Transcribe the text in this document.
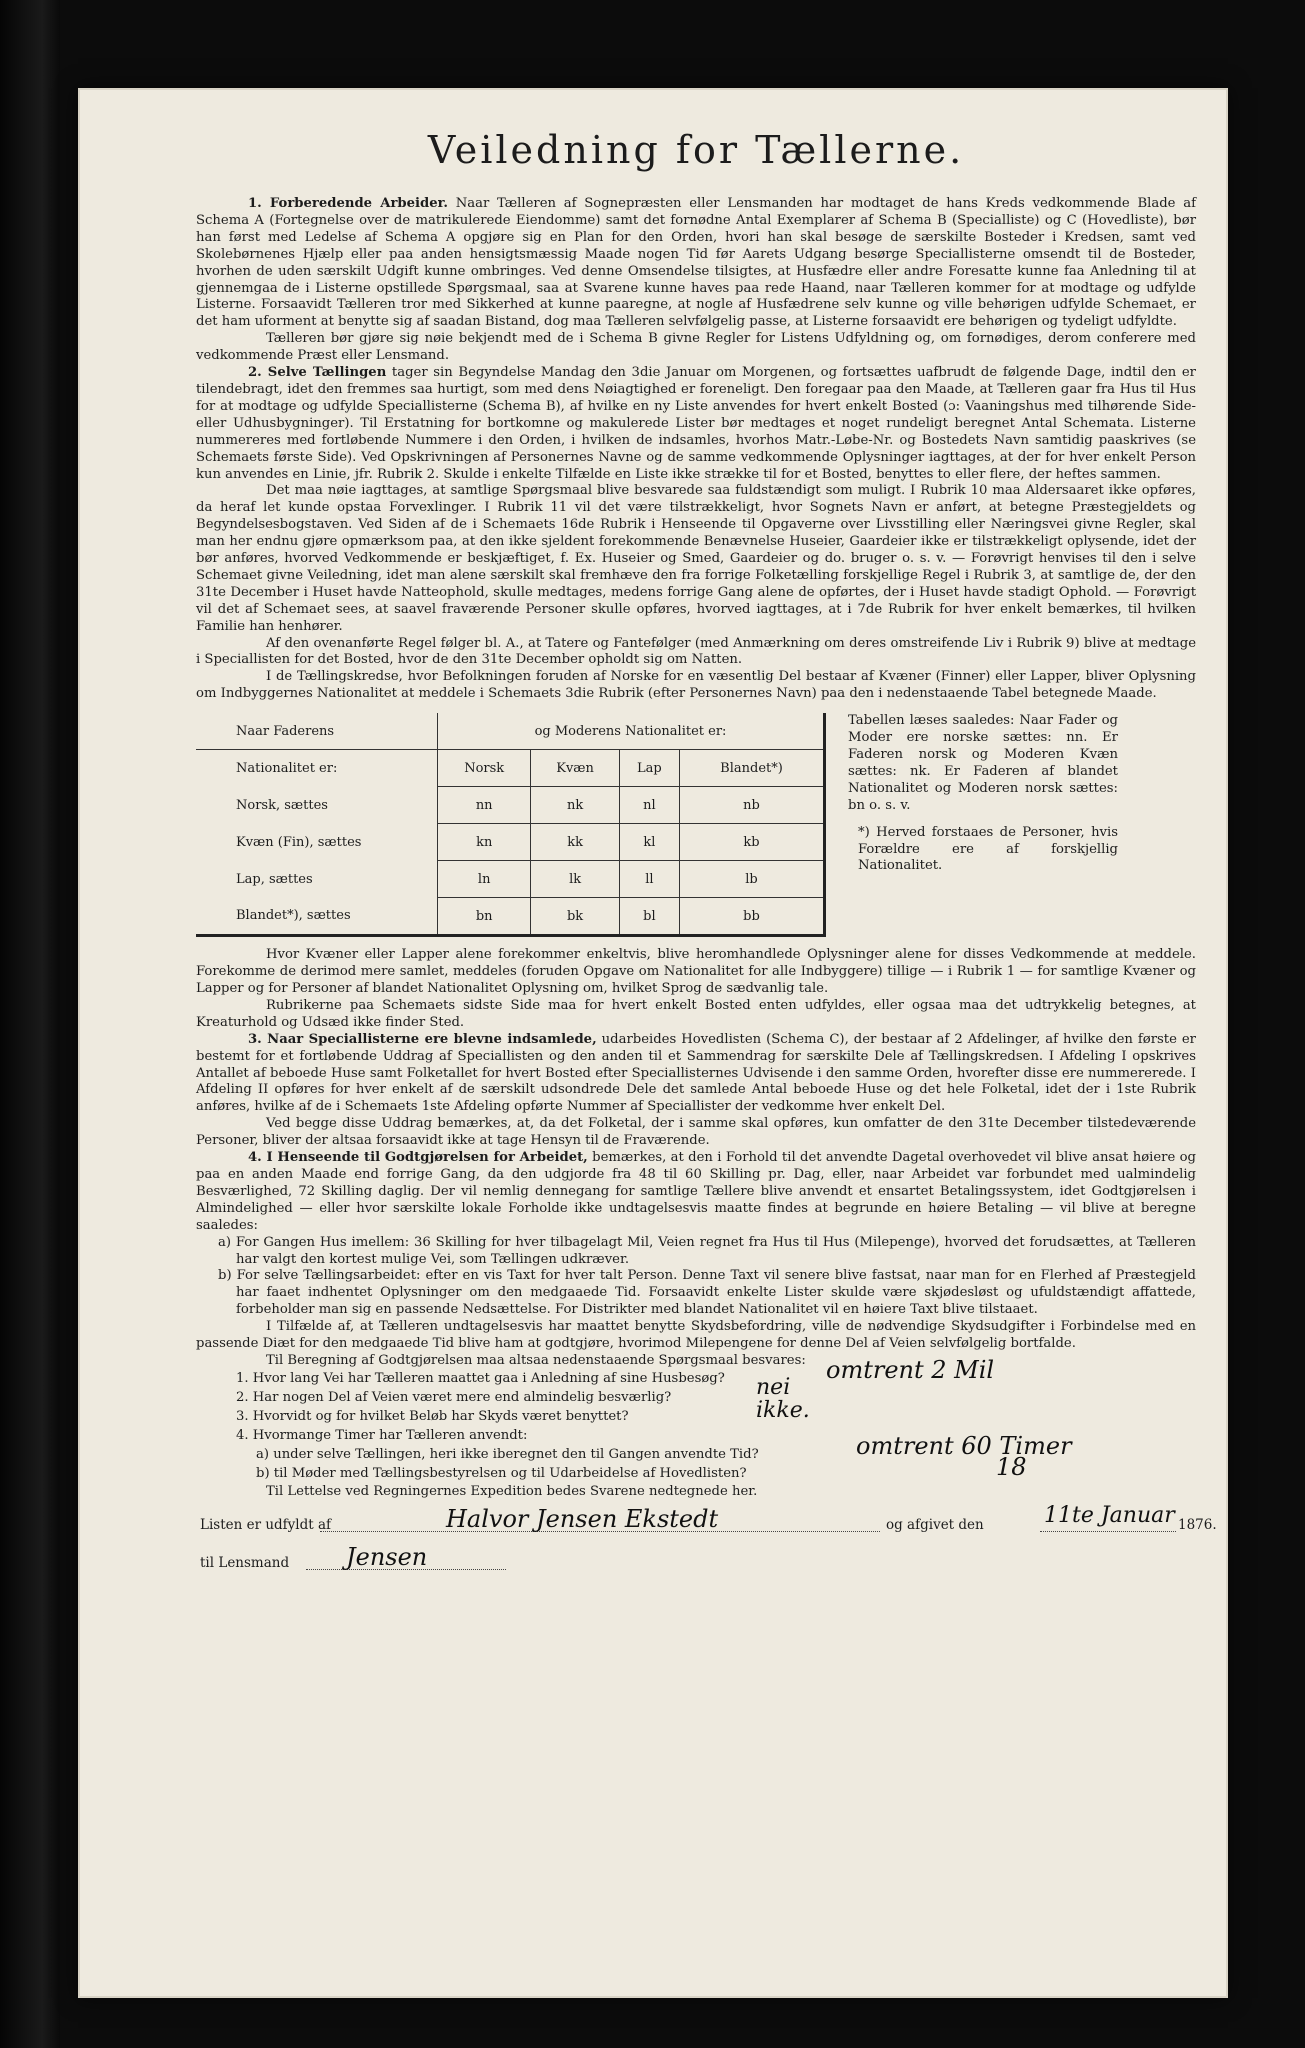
Veiledning for Tællerne.

1. Forberedende Arbeider. Naar Tælleren af Sognepræsten eller Lensmanden har modtaget de hans Kreds vedkommende Blade af Schema A (Fortegnelse over de matrikulerede Eiendomme) samt det fornødne Antal Exemplarer af Schema B (Specialliste) og C (Hovedliste), bør han først med Ledelse af Schema A opgjøre sig en Plan for den Orden, hvori han skal besøge de særskilte Bosteder i Kredsen, samt ved Skolebørnenes Hjælp eller paa anden hensigtsmæssig Maade nogen Tid før Aarets Udgang besørge Speciallisterne omsendt til de Bosteder, hvorhen de uden særskilt Udgift kunne ombringes. Ved denne Omsendelse tilsigtes, at Husfædre eller andre Foresatte kunne faa Anledning til at gjennemgaa de i Listerne opstillede Spørgsmaal, saa at Svarene kunne haves paa rede Haand, naar Tælleren kommer for at modtage og udfylde Listerne. Forsaavidt Tælleren tror med Sikkerhed at kunne paaregne, at nogle af Husfædrene selv kunne og ville behørigen udfylde Schemaet, er det ham uforment at benytte sig af saadan Bistand, dog maa Tælleren selvfølgelig passe, at Listerne forsaavidt ere behørigen og tydeligt udfyldte.

Tælleren bør gjøre sig nøie bekjendt med de i Schema B givne Regler for Listens Udfyldning og, om fornødiges, derom conferere med vedkommende Præst eller Lensmand.

2. Selve Tællingen tager sin Begyndelse Mandag den 3die Januar om Morgenen, og fortsættes uafbrudt de følgende Dage, indtil den er tilendebragt, idet den fremmes saa hurtigt, som med dens Nøiagtighed er foreneligt. Den foregaar paa den Maade, at Tælleren gaar fra Hus til Hus for at modtage og udfylde Speciallisterne (Schema B), af hvilke en ny Liste anvendes for hvert enkelt Bosted (ɔ: Vaaningshus med tilhørende Side- eller Udhusbygninger). Til Erstatning for bortkomne og makulerede Lister bør medtages et noget rundeligt beregnet Antal Schemata. Listerne nummereres med fortløbende Nummere i den Orden, i hvilken de indsamles, hvorhos Matr.-Løbe-Nr. og Bostedets Navn samtidig paaskrives (se Schemaets første Side). Ved Opskrivningen af Personernes Navne og de samme vedkommende Oplysninger iagttages, at der for hver enkelt Person kun anvendes en Linie, jfr. Rubrik 2. Skulde i enkelte Tilfælde en Liste ikke strække til for et Bosted, benyttes to eller flere, der heftes sammen.

Det maa nøie iagttages, at samtlige Spørgsmaal blive besvarede saa fuldstændigt som muligt. I Rubrik 10 maa Aldersaaret ikke opføres, da heraf let kunde opstaa Forvexlinger. I Rubrik 11 vil det være tilstrækkeligt, hvor Sognets Navn er anført, at betegne Præstegjeldets og Begyndelsesbogstaven. Ved Siden af de i Schemaets 16de Rubrik i Henseende til Opgaverne over Livsstilling eller Næringsvei givne Regler, skal man her endnu gjøre opmærksom paa, at den ikke sjeldent forekommende Benævnelse Huseier, Gaardeier ikke er tilstrækkeligt oplysende, idet der bør anføres, hvorved Vedkommende er beskjæftiget, f. Ex. Huseier og Smed, Gaardeier og do. bruger o. s. v. — Forøvrigt henvises til den i selve Schemaet givne Veiledning, idet man alene særskilt skal fremhæve den fra forrige Folketælling forskjellige Regel i Rubrik 3, at samtlige de, der den 31te December i Huset havde Natteophold, skulle medtages, medens forrige Gang alene de opførtes, der i Huset havde stadigt Ophold. — Forøvrigt vil det af Schemaet sees, at saavel fraværende Personer skulle opføres, hvorved iagttages, at i 7de Rubrik for hver enkelt bemærkes, til hvilken Familie han henhører.

Af den ovenanførte Regel følger bl. A., at Tatere og Fantefølger (med Anmærkning om deres omstreifende Liv i Rubrik 9) blive at medtage i Speciallisten for det Bosted, hvor de den 31te December opholdt sig om Natten.

I de Tællingskredse, hvor Befolkningen foruden af Norske for en væsentlig Del bestaar af Kvæner (Finner) eller Lapper, bliver Oplysning om Indbyggernes Nationalitet at meddele i Schemaets 3die Rubrik (efter Personernes Navn) paa den i nedenstaaende Tabel betegnede Maade.

Naar Faderens	og Moderens Nationalitet er:			
Nationalitet er:	Norsk	Kvæn	Lap	Blandet*)
Norsk, sættes	nn	nk	nl	nb
Kvæn (Fin), sættes	kn	kk	kl	kb
Lap, sættes	ln	lk	ll	lb
Blandet*), sættes	bn	bk	bl	bb

Tabellen læses saaledes: Naar Fader og Moder ere norske sættes: nn. Er Faderen norsk og Moderen Kvæn sættes: nk. Er Faderen af blandet Nationalitet og Moderen norsk sættes: bn o. s. v.

*) Herved forstaaes de Personer, hvis Forældre ere af forskjellig Nationalitet.

Hvor Kvæner eller Lapper alene forekommer enkeltvis, blive heromhandlede Oplysninger alene for disses Vedkommende at meddele. Forekomme de derimod mere samlet, meddeles (foruden Opgave om Nationalitet for alle Indbyggere) tillige — i Rubrik 1 — for samtlige Kvæner og Lapper og for Personer af blandet Nationalitet Oplysning om, hvilket Sprog de sædvanlig tale.

Rubrikerne paa Schemaets sidste Side maa for hvert enkelt Bosted enten udfyldes, eller ogsaa maa det udtrykkelig betegnes, at Kreaturhold og Udsæd ikke finder Sted.

3. Naar Speciallisterne ere blevne indsamlede, udarbeides Hovedlisten (Schema C), der bestaar af 2 Afdelinger, af hvilke den første er bestemt for et fortløbende Uddrag af Speciallisten og den anden til et Sammendrag for særskilte Dele af Tællingskredsen. I Afdeling I opskrives Antallet af beboede Huse samt Folketallet for hvert Bosted efter Speciallisternes Udvisende i den samme Orden, hvorefter disse ere nummererede. I Afdeling II opføres for hver enkelt af de særskilt udsondrede Dele det samlede Antal beboede Huse og det hele Folketal, idet der i 1ste Rubrik anføres, hvilke af de i Schemaets 1ste Afdeling opførte Nummer af Speciallister der vedkomme hver enkelt Del.

Ved begge disse Uddrag bemærkes, at, da det Folketal, der i samme skal opføres, kun omfatter de den 31te December tilstedeværende Personer, bliver der altsaa forsaavidt ikke at tage Hensyn til de Fraværende.

4. I Henseende til Godtgjørelsen for Arbeidet, bemærkes, at den i Forhold til det anvendte Dagetal overhovedet vil blive ansat høiere og paa en anden Maade end forrige Gang, da den udgjorde fra 48 til 60 Skilling pr. Dag, eller, naar Arbeidet var forbundet med ualmindelig Besværlighed, 72 Skilling daglig. Der vil nemlig dennegang for samtlige Tællere blive anvendt et ensartet Betalingssystem, idet Godtgjørelsen i Almindelighed — eller hvor særskilte lokale Forholde ikke undtagelsesvis maatte findes at begrunde en høiere Betaling — vil blive at beregne saaledes:

a) For Gangen Hus imellem: 36 Skilling for hver tilbagelagt Mil, Veien regnet fra Hus til Hus (Milepenge), hvorved det forudsættes, at Tælleren har valgt den kortest mulige Vei, som Tællingen udkræver.

b) For selve Tællingsarbeidet: efter en vis Taxt for hver talt Person. Denne Taxt vil senere blive fastsat, naar man for en Flerhed af Præstegjeld har faaet indhentet Oplysninger om den medgaaede Tid. Forsaavidt enkelte Lister skulde være skjødesløst og ufuldstændigt affattede, forbeholder man sig en passende Nedsættelse. For Distrikter med blandet Nationalitet vil en høiere Taxt blive tilstaaet.

I Tilfælde af, at Tælleren undtagelsesvis har maattet benytte Skydsbefordring, ville de nødvendige Skydsudgifter i Forbindelse med en passende Diæt for den medgaaede Tid blive ham at godtgjøre, hvorimod Milepengene for denne Del af Veien selvfølgelig bortfalde.

Til Beregning af Godtgjørelsen maa altsaa nedenstaaende Spørgsmaal besvares:

1. Hvor lang Vei har Tælleren maattet gaa i Anledning af sine Husbesøg?	omtrent 2 Mil
2. Har nogen Del af Veien været mere end almindelig besværlig?	nei
3. Hvorvidt og for hvilket Beløb har Skyds været benyttet?	ikke.
4. Hvormange Timer har Tælleren anvendt:
a) under selve Tællingen, heri ikke iberegnet den til Gangen anvendte Tid?	omtrent 60 Timer
b) til Møder med Tællingsbestyrelsen og til Udarbeidelse af Hovedlisten?	18

Til Lettelse ved Regningernes Expedition bedes Svarene nedtegnede her.

Listen er udfyldt af	Halvor Jensen Ekstedt	og afgivet den	11te Januar 1876.
til Lensmand Jensen
